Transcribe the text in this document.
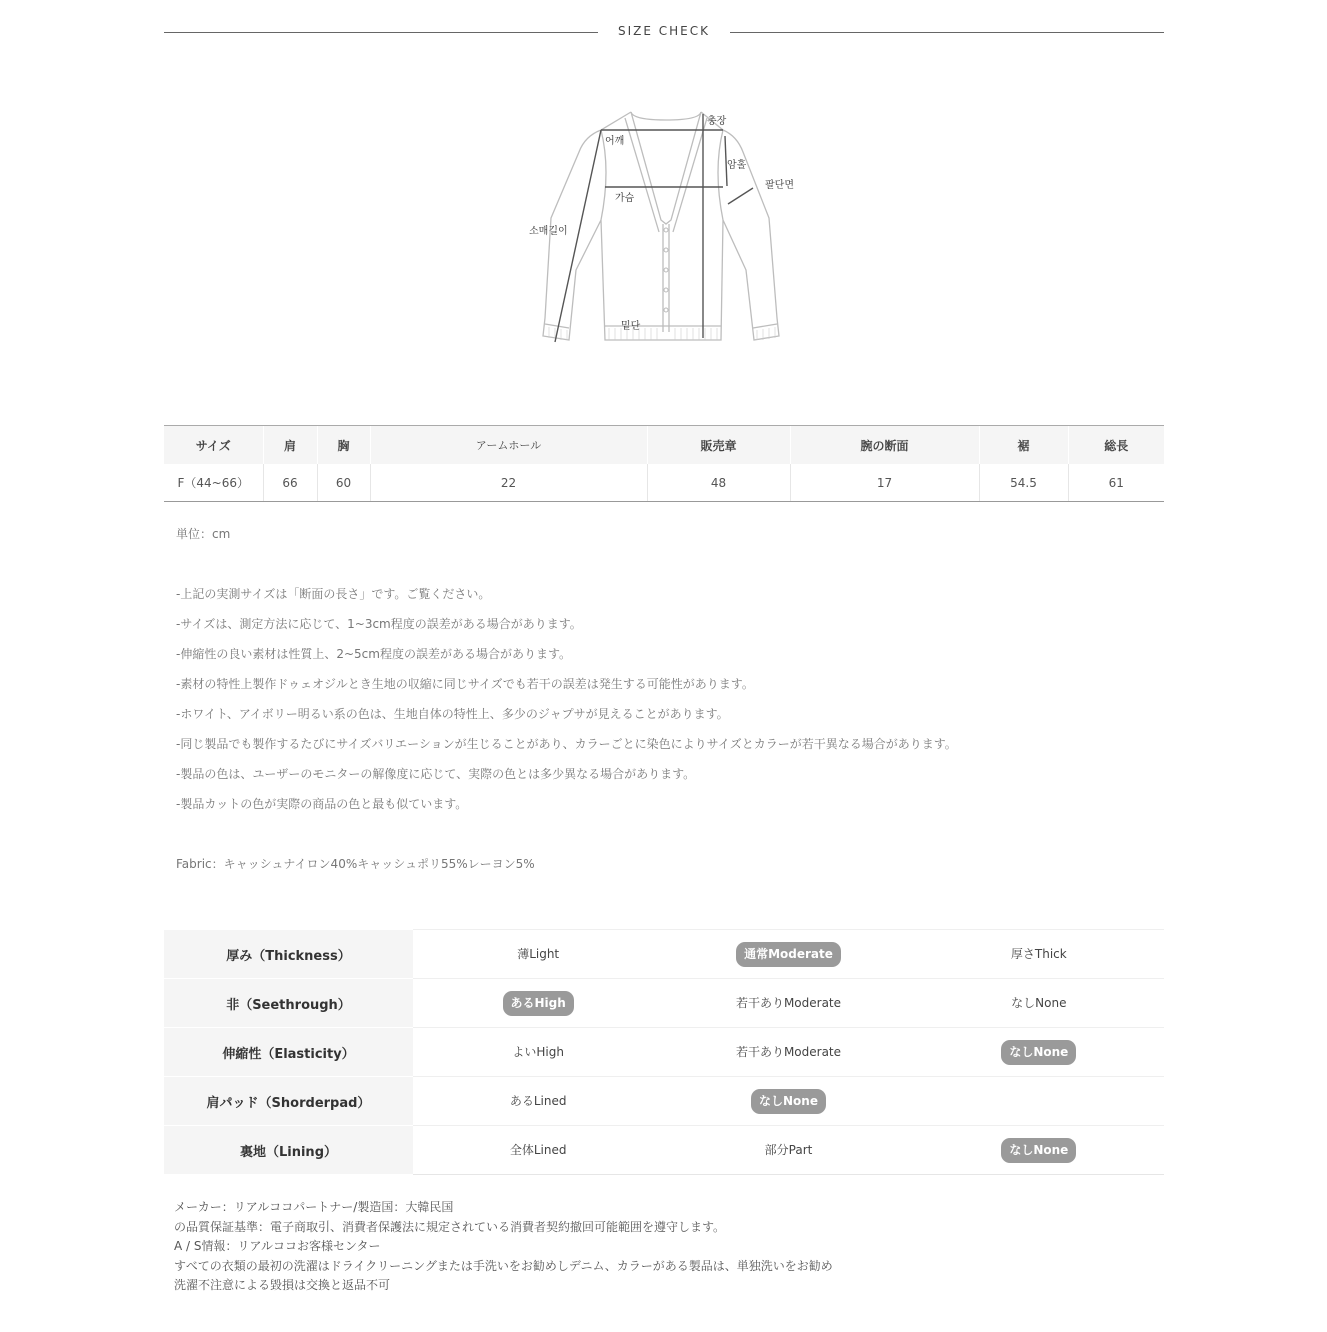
SIZE CHECK
총장
어깨
암홀
팔단면
가슴
소매길이
밑단
サイズ	肩	胸	アームホール	販売章	腕の断面	裾	総長
F（44~66）	66	60	22	48	17	54.5	61
単位：cm
-上記の実測サイズは「断面の長さ」です。ご覧ください。
-サイズは、測定方法に応じて、1~3cm程度の誤差がある場合があります。
-伸縮性の良い素材は性質上、2~5cm程度の誤差がある場合があります。
-素材の特性上製作ドゥェオジルとき生地の収縮に同じサイズでも若干の誤差は発生する可能性があります。
-ホワイト、アイボリー明るい系の色は、生地自体の特性上、多少のジャプサが見えることがあります。
-同じ製品でも製作するたびにサイズバリエーションが生じることがあり、カラーごとに染色によりサイズとカラーが若干異なる場合があります。
-製品の色は、ユーザーのモニターの解像度に応じて、実際の色とは多少異なる場合があります。
-製品カットの色が実際の商品の色と最も似ています。
Fabric：キャッシュナイロン40%キャッシュポリ55%レーヨン5%
厚み（Thickness）	薄Light	通常Moderate	厚さThick
非（Seethrough）	あるHigh	若干ありModerate	なしNone
伸縮性（Elasticity）	よいHigh	若干ありModerate	なしNone
肩パッド（Shorderpad）	あるLined	なしNone	
裏地（Lining）	全体Lined	部分Part	なしNone
メーカー：リアルココパートナー/製造国：大韓民国
の品質保証基準：電子商取引、消費者保護法に規定されている消費者契約撤回可能範囲を遵守します。
A / S情報：リアルココお客様センター
すべての衣類の最初の洗濯はドライクリーニングまたは手洗いをお勧めしデニム、カラーがある製品は、単独洗いをお勧め
洗濯不注意による毀損は交換と返品不可
